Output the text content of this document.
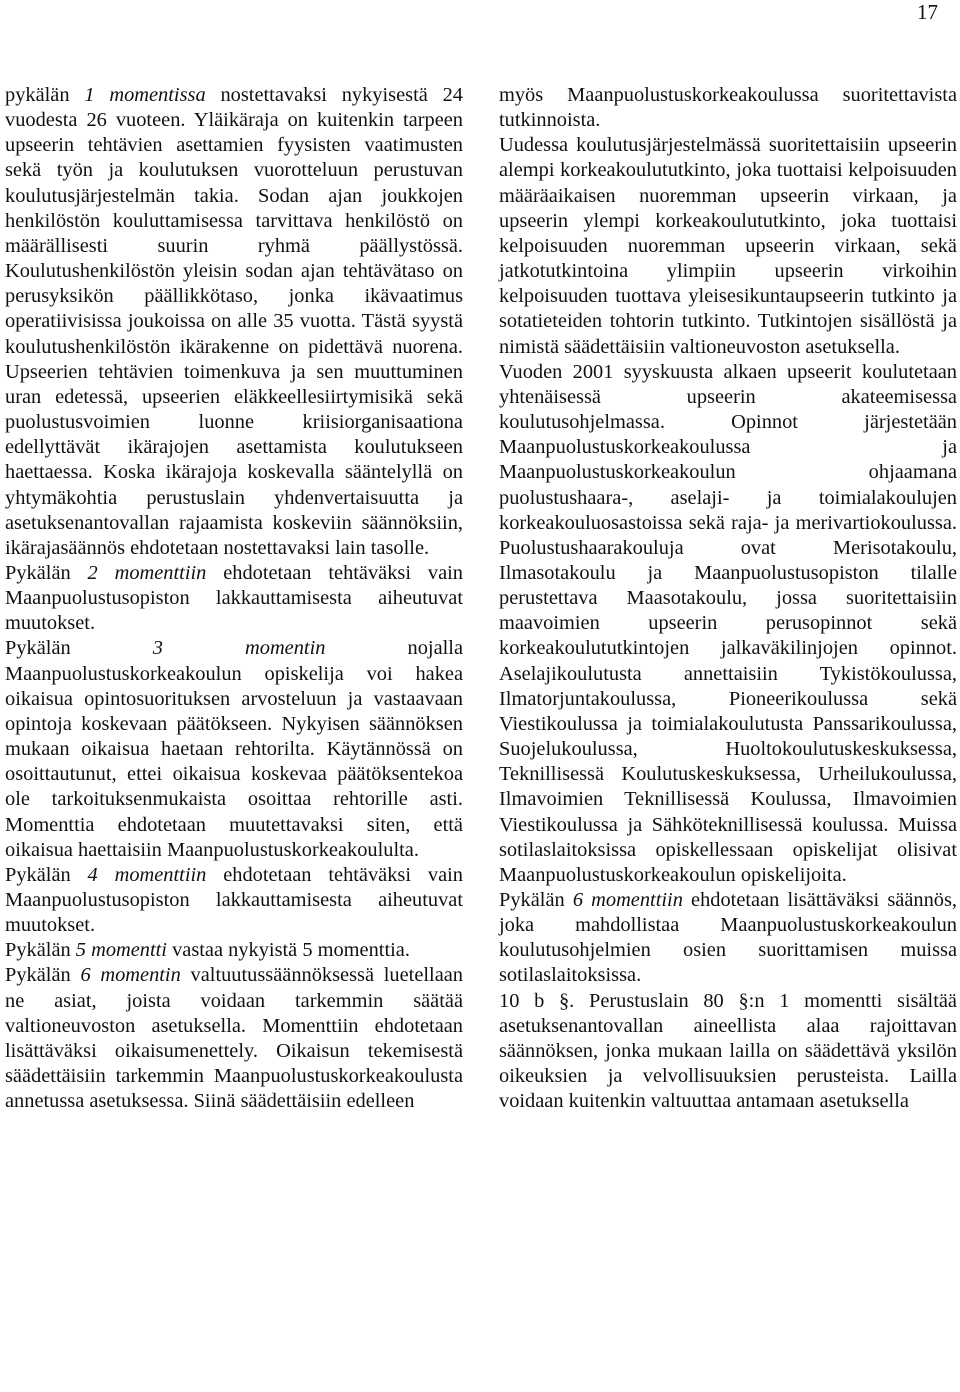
17

pykälän 1 momentissa nostettavaksi nykyisestä 24 vuodesta 26 vuoteen. Yläikäraja on kuitenkin tarpeen upseerin tehtävien asettamien fyysisten vaatimusten sekä työn ja koulutuksen vuorotteluun perustuvan koulutusjärjestelmän takia. Sodan ajan joukkojen henkilöstön kouluttamisessa tarvittava henkilöstö on määrällisesti suurin ryhmä päällystössä. Koulutushenkilöstön yleisin sodan ajan tehtävätaso on perusyksikön päällikkötaso, jonka ikävaatimus operatiivisissa joukoissa on alle 35 vuotta. Tästä syystä koulutushenkilöstön ikärakenne on pidettävä nuorena. Upseerien tehtävien toimenkuva ja sen muuttuminen uran edetessä, upseerien eläkkeellesiirtymisikä sekä puolustusvoimien luonne kriisiorganisaationa edellyttävät ikärajojen asettamista koulutukseen haettaessa. Koska ikärajoja koskevalla sääntelyllä on yhtymäkohtia perustuslain yhdenvertaisuutta ja asetuksenantovallan rajaamista koskeviin säännöksiin, ikärajasäännös ehdotetaan nostettavaksi lain tasolle.

Pykälän 2 momenttiin ehdotetaan tehtäväksi vain Maanpuolustusopiston lakkauttamisesta aiheutuvat muutokset.

Pykälän 3 momentin nojalla Maanpuolustuskorkeakoulun opiskelija voi hakea oikaisua opintosuorituksen arvosteluun ja vastaavaan opintoja koskevaan päätökseen. Nykyisen säännöksen mukaan oikaisua haetaan rehtorilta. Käytännössä on osoittautunut, ettei oikaisua koskevaa päätöksentekoa ole tarkoituksenmukaista osoittaa rehtorille asti. Momenttia ehdotetaan muutettavaksi siten, että oikaisua haettaisiin Maanpuolustuskorkeakoululta.

Pykälän 4 momenttiin ehdotetaan tehtäväksi vain Maanpuolustusopiston lakkauttamisesta aiheutuvat muutokset.

Pykälän 5 momentti vastaa nykyistä 5 momenttia.

Pykälän 6 momentin valtuutussäännöksessä luetellaan ne asiat, joista voidaan tarkemmin säätää valtioneuvoston asetuksella. Momenttiin ehdotetaan lisättäväksi oikaisumenettely. Oikaisun tekemisestä säädettäisiin tarkemmin Maanpuolustuskorkeakoulusta annetussa asetuksessa. Siinä säädettäisiin edelleen

myös Maanpuolustuskorkeakoulussa suoritettavista tutkinnoista.

Uudessa koulutusjärjestelmässä suoritettaisiin upseerin alempi korkeakoulututkinto, joka tuottaisi kelpoisuuden määräaikaisen nuoremman upseerin virkaan, ja upseerin ylempi korkeakoulututkinto, joka tuottaisi kelpoisuuden nuoremman upseerin virkaan, sekä jatkotutkintoina ylimpiin upseerin virkoihin kelpoisuuden tuottava yleisesikuntaupseerin tutkinto ja sotatieteiden tohtorin tutkinto. Tutkintojen sisällöstä ja nimistä säädettäisiin valtioneuvoston asetuksella.

Vuoden 2001 syyskuusta alkaen upseerit koulutetaan yhtenäisessä upseerin akateemisessa koulutusohjelmassa. Opinnot järjestetään Maanpuolustuskorkeakoulussa ja Maanpuolustuskorkeakoulun ohjaamana puolustushaara-, aselaji- ja toimialakoulujen korkeakouluosastoissa sekä raja- ja merivartiokoulussa. Puolustushaarakouluja ovat Merisotakoulu, Ilmasotakoulu ja Maanpuolustusopiston tilalle perustettava Maasotakoulu, jossa suoritettaisiin maavoimien upseerin perusopinnot sekä korkeakoulututkintojen jalkaväkilinjojen opinnot. Aselajikoulutusta annettaisiin Tykistökoulussa, Ilmatorjuntakoulussa, Pioneerikoulussa sekä Viestikoulussa ja toimialakoulutusta Panssarikoulussa, Suojelukoulussa, Huoltokoulutuskeskuksessa, Teknillisessä Koulutuskeskuksessa, Urheilukoulussa, Ilmavoimien Teknillisessä Koulussa, Ilmavoimien Viestikoulussa ja Sähköteknillisessä koulussa. Muissa sotilaslaitoksissa opiskellessaan opiskelijat olisivat Maanpuolustuskorkeakoulun opiskelijoita.

Pykälän 6 momenttiin ehdotetaan lisättäväksi säännös, joka mahdollistaa Maanpuolustuskorkeakoulun koulutusohjelmien osien suorittamisen muissa sotilaslaitoksissa.

10 b §. Perustuslain 80 §:n 1 momentti sisältää asetuksenantovallan aineellista alaa rajoittavan säännöksen, jonka mukaan lailla on säädettävä yksilön oikeuksien ja velvollisuuksien perusteista. Lailla voidaan kuitenkin valtuuttaa antamaan asetuksella
